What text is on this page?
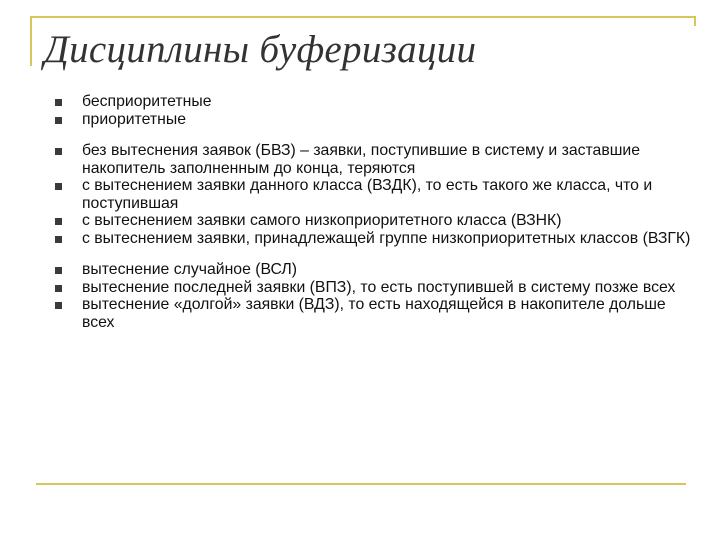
Дисциплины буферизации
бесприоритетные
приоритетные
без вытеснения заявок (БВЗ) – заявки, поступившие в систему и заставшие накопитель заполненным до конца, теряются
с вытеснением заявки данного класса (ВЗДК), то есть такого же класса, что и поступившая
с вытеснением заявки самого низкоприоритетного класса (ВЗНК)
с вытеснением заявки, принадлежащей группе низкоприоритетных классов (ВЗГК)
вытеснение случайное (ВСЛ)
вытеснение последней заявки (ВПЗ), то есть поступившей в систему позже всех
вытеснение «долгой» заявки (ВДЗ), то есть находящейся в накопителе дольше всех
